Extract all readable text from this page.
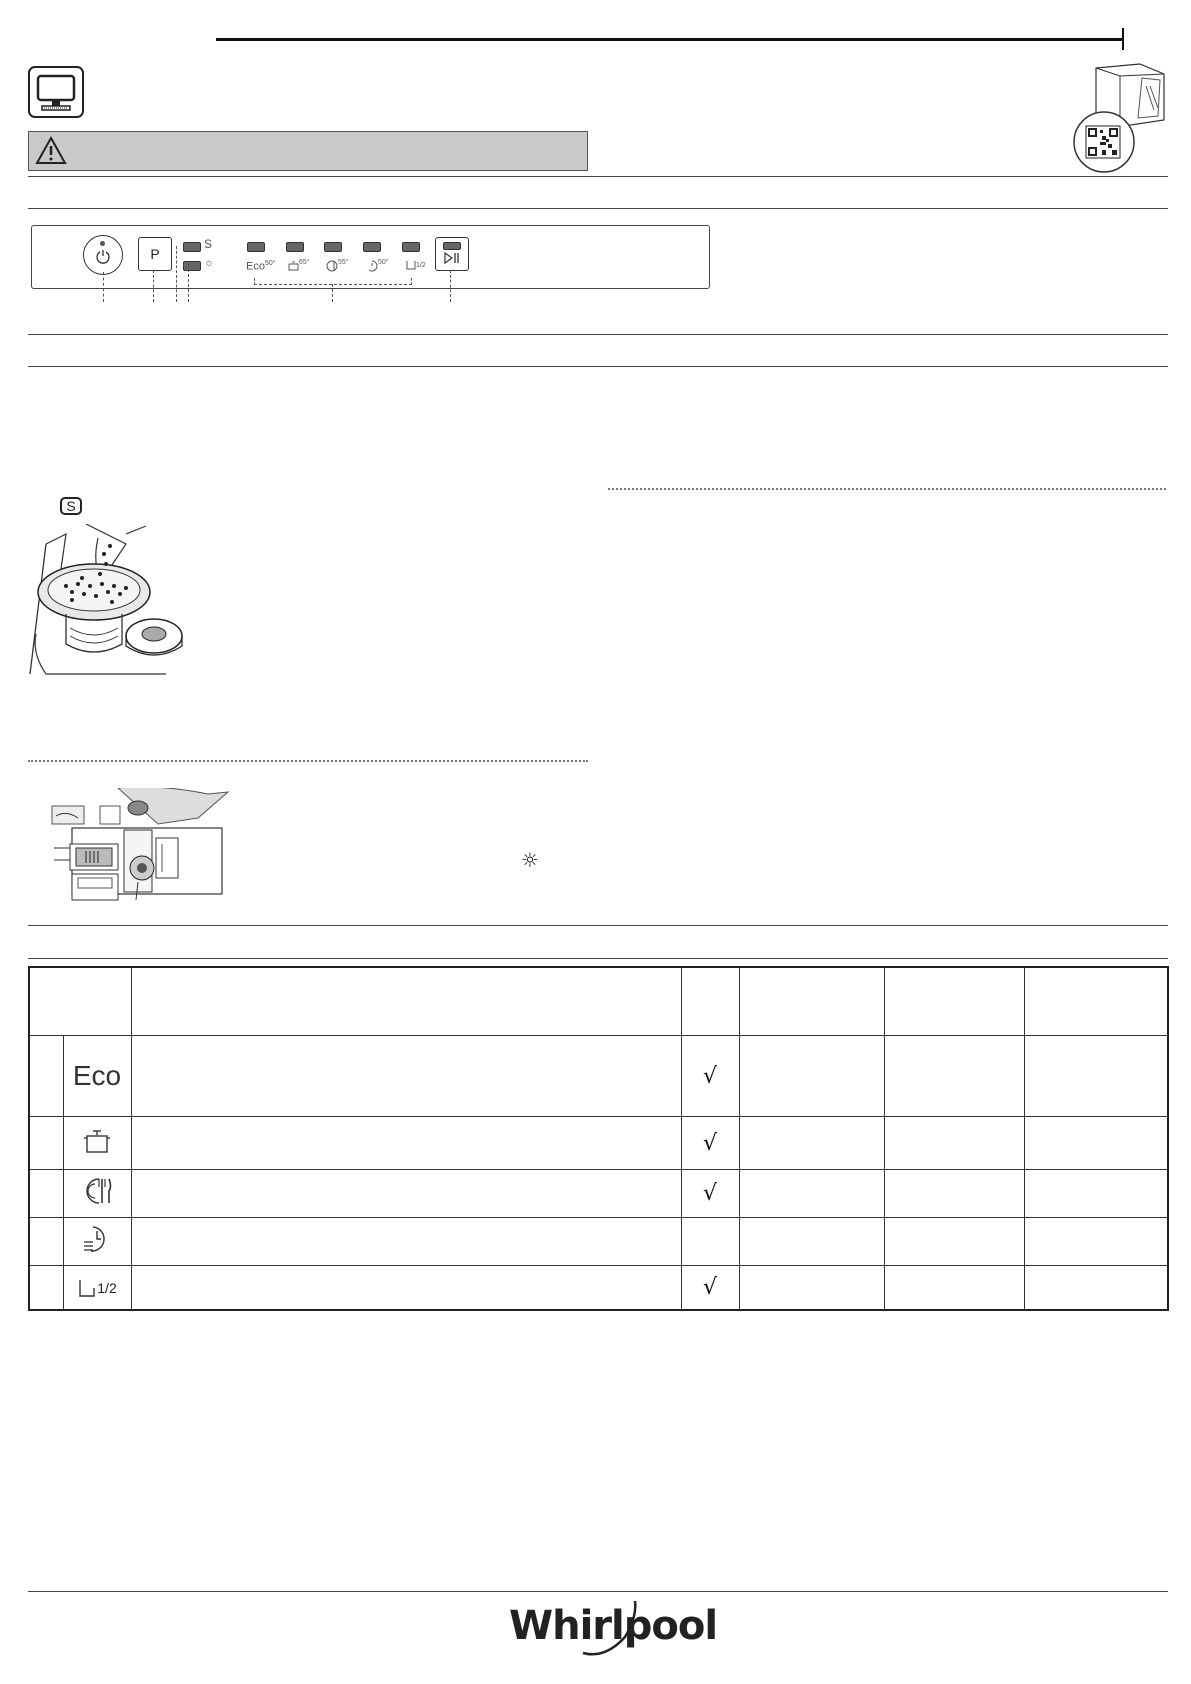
P
S
☼	Eco$^{50^\circ}$	$^{65^\circ}$	$^{55^\circ}$	$^{50^\circ}$	1/2
S
☼

	Eco		√			
			√			
			√			

	1/2		√			
Whirlpool
